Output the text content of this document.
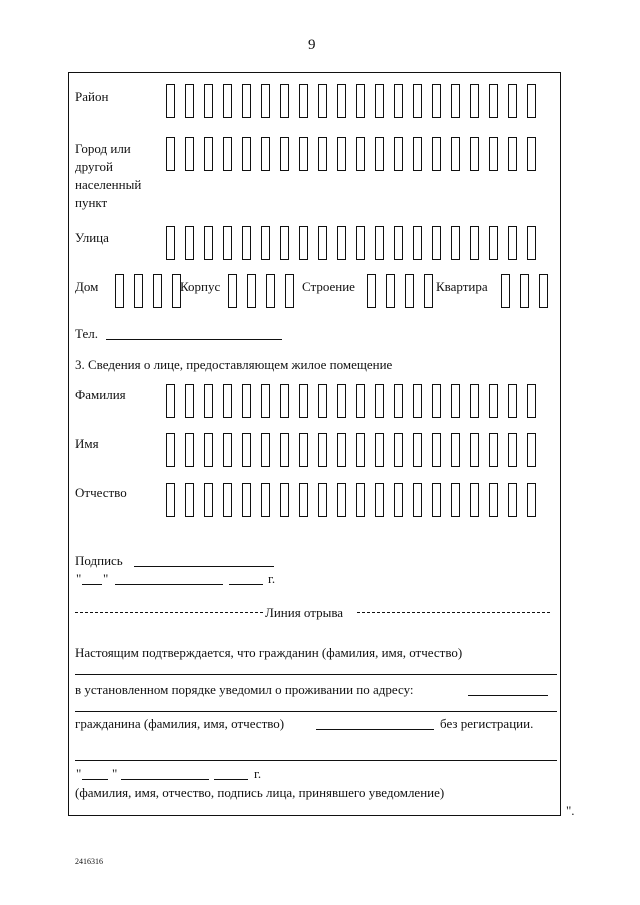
9
Район
Город или
другой
населенный
пункт
Улица
Дом	Корпус	Строение	Квартира
Тел.
3. Сведения о лице, предоставляющем жилое помещение
Фамилия
Имя
Отчество
Подпись
" "	г.
Линия отрыва
Настоящим подтверждается, что гражданин (фамилия, имя, отчество)
в установленном порядке уведомил о проживании по адресу:
гражданина (фамилия, имя, отчество)	без регистрации.
" "	г.
(фамилия, имя, отчество, подпись лица, принявшего уведомление)
".
2416316
